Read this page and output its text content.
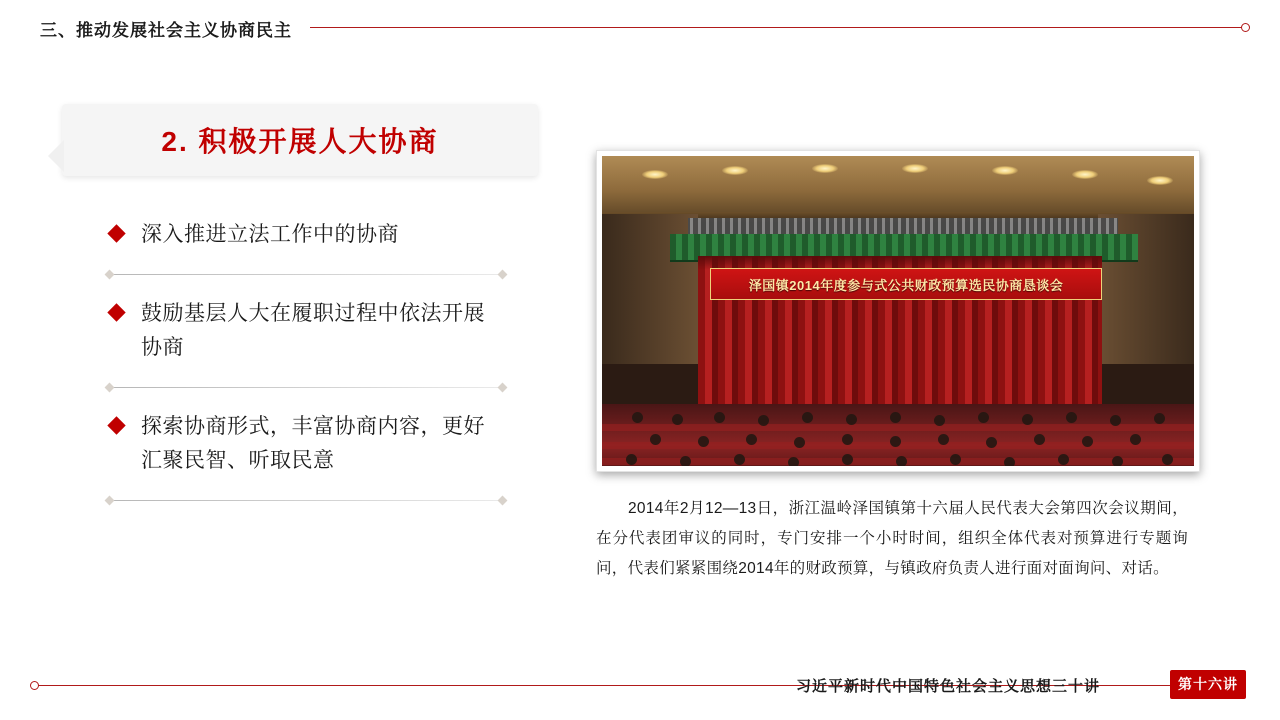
三、推动发展社会主义协商民主
2. 积极开展人大协商
深入推进立法工作中的协商
鼓励基层人大在履职过程中依法开展协商
探索协商形式，丰富协商内容，更好汇聚民智、听取民意
泽国镇2014年度参与式公共财政预算选民协商恳谈会
2014年2月12—13日，浙江温岭泽国镇第十六届人民代表大会第四次会议期间，在分代表团审议的同时，专门安排一个小时时间，组织全体代表对预算进行专题询问，代表们紧紧围绕2014年的财政预算，与镇政府负责人进行面对面询问、对话。
习近平新时代中国特色社会主义思想三十讲	第十六讲
